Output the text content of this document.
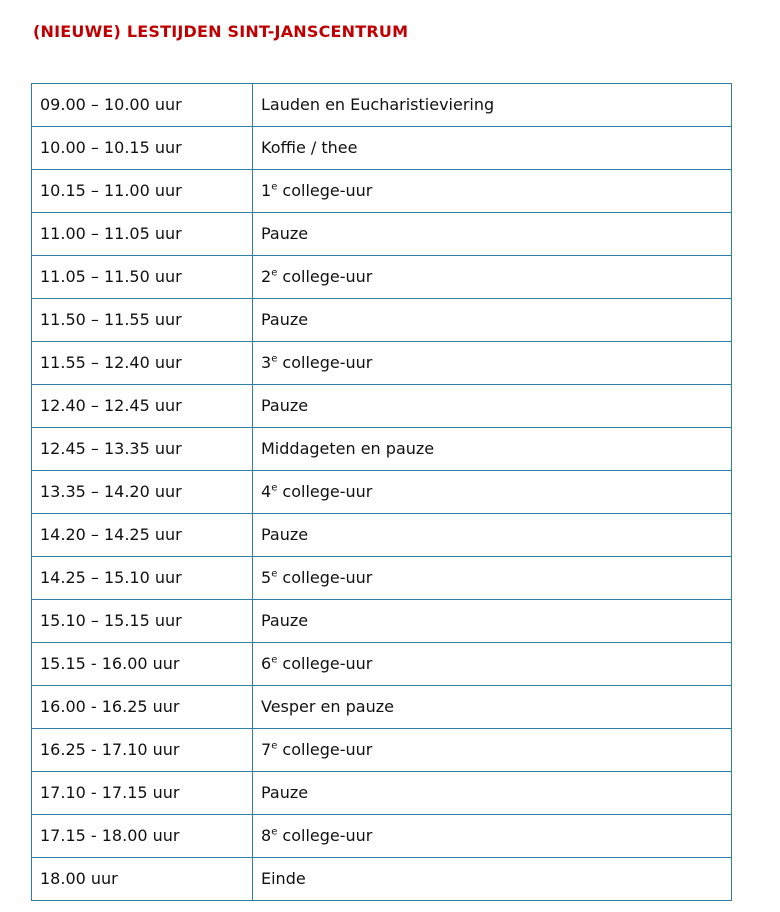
(NIEUWE) LESTIJDEN SINT-JANSCENTRUM
09.00 – 10.00 uur	Lauden en Eucharistieviering
10.00 – 10.15 uur	Koffie / thee
10.15 – 11.00 uur	1e college-uur
11.00 – 11.05 uur	Pauze
11.05 – 11.50 uur	2e college-uur
11.50 – 11.55 uur	Pauze
11.55 – 12.40 uur	3e college-uur
12.40 – 12.45 uur	Pauze
12.45 – 13.35 uur	Middageten en pauze
13.35 – 14.20 uur	4e college-uur
14.20 – 14.25 uur	Pauze
14.25 – 15.10 uur	5e college-uur
15.10 – 15.15 uur	Pauze
15.15 - 16.00 uur	6e college-uur
16.00 - 16.25 uur	Vesper en pauze
16.25 - 17.10 uur	7e college-uur
17.10 - 17.15 uur	Pauze
17.15 - 18.00 uur	8e college-uur
18.00 uur	Einde
